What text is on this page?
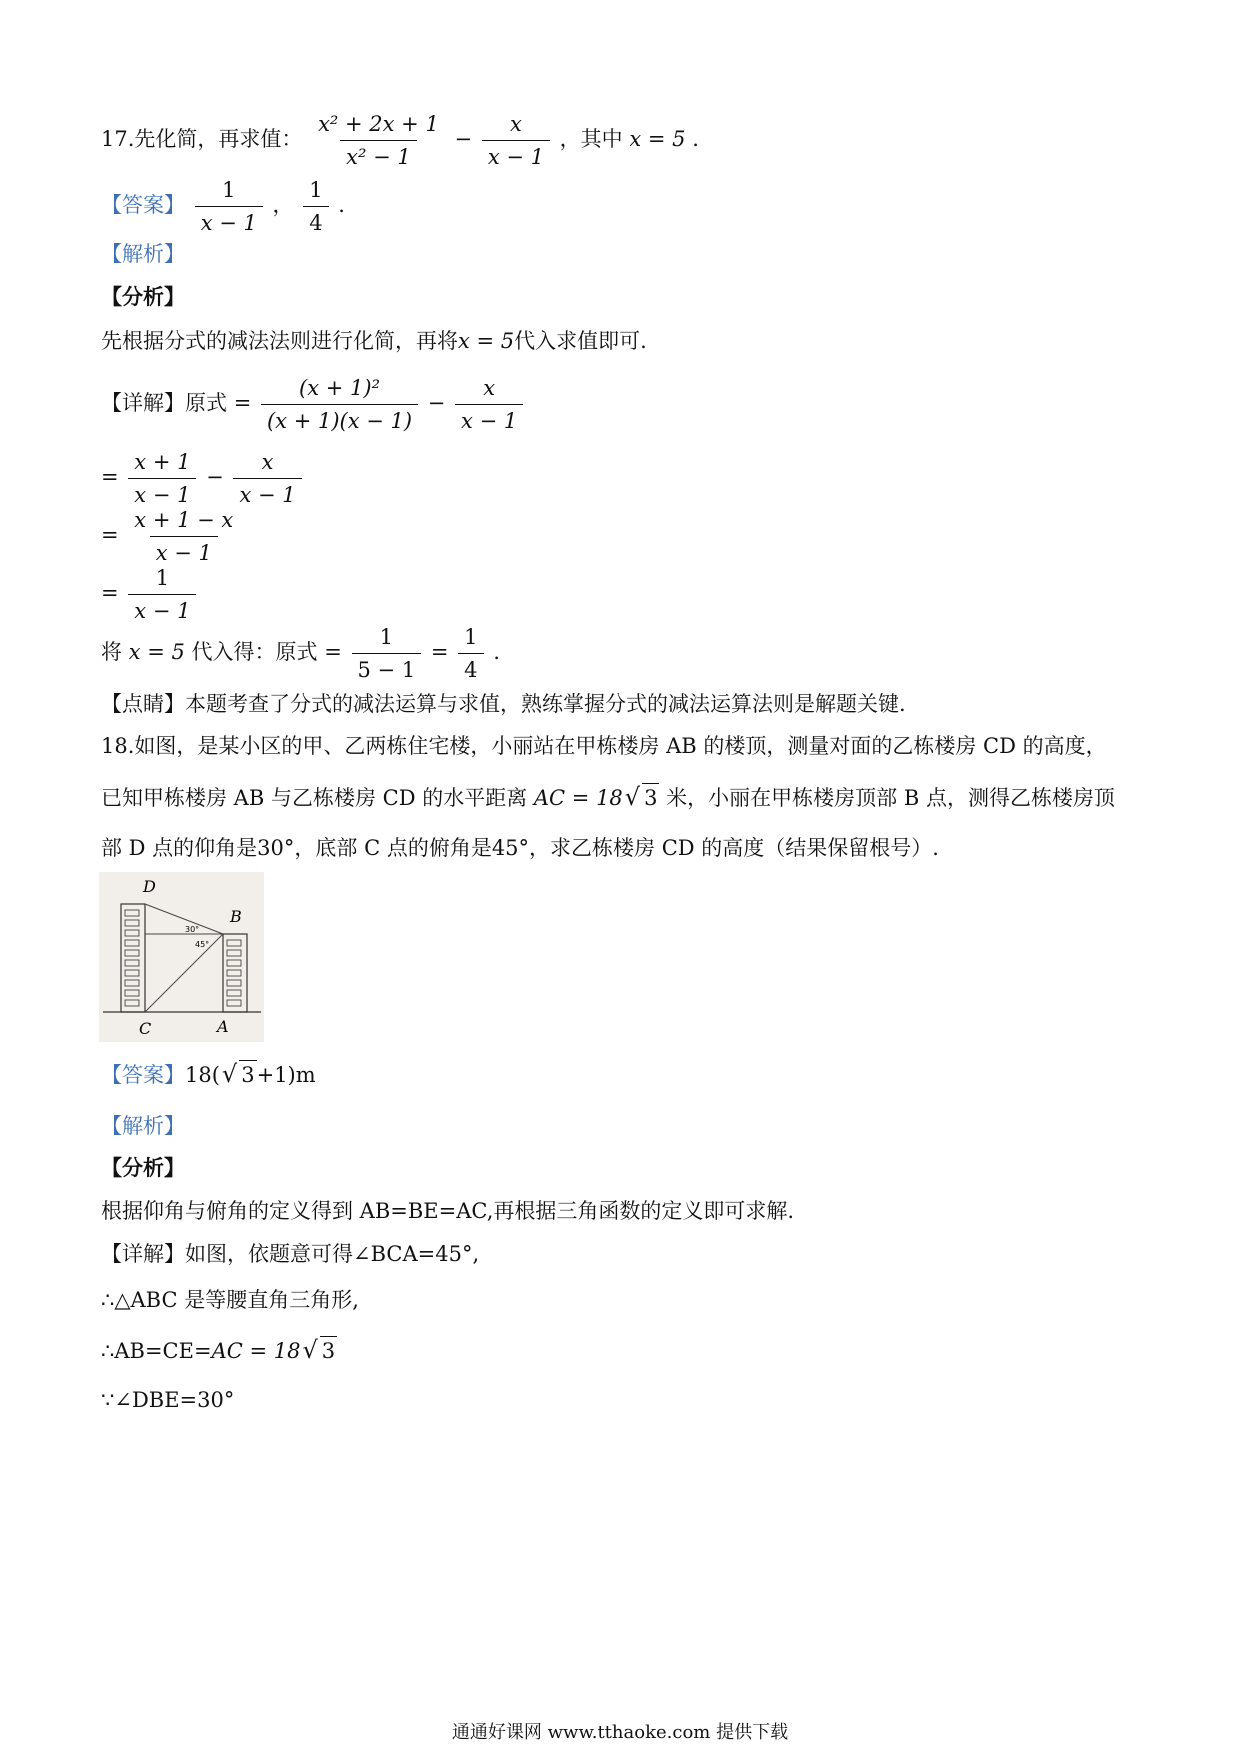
17.先化简，再求值： $\frac{\text{x² + 2x + 1}}{\text{x² − 1}} - \frac{x}{x - 1}$ ，其中 x = 5 .
【答案】 $\frac{1}{x - 1}$ ， $\frac{1}{4}$ .
【解析】
【分析】
先根据分式的减法法则进行化简，再将x = 5代入求值即可.
【详解】原式 = $\frac{\text{(x + 1)²}}{(x + 1)(x - 1)} - \frac{x}{x - 1}$
= $\frac{x + 1}{x - 1} - \frac{x}{x - 1}$
= $\frac{x + 1 - x}{x - 1}$
= $\frac{1}{x - 1}$
将 x = 5 代入得：原式 = $\frac{1}{5 - 1} = \frac{1}{4}$ .
【点睛】本题考查了分式的减法运算与求值，熟练掌握分式的减法运算法则是解题关键.
18.如图，是某小区的甲、乙两栋住宅楼，小丽站在甲栋楼房 AB 的楼顶，测量对面的乙栋楼房 CD 的高度，
已知甲栋楼房 AB 与乙栋楼房 CD 的水平距离 AC = 18√ 3 米，小丽在甲栋楼房顶部 B 点，测得乙栋楼房顶
部 D 点的仰角是30°，底部 C 点的俯角是45°，求乙栋楼房 CD 的高度（结果保留根号）.
D
B
C	A
30°
45°
【答案】18(√ 3+1)m
【解析】
【分析】
根据仰角与俯角的定义得到 AB=BE=AC,再根据三角函数的定义即可求解.
【详解】如图，依题意可得∠BCA=45°,
∴△ABC 是等腰直角三角形,
∴AB=CE=AC = 18√ 3
∵∠DBE=30°
通通好课网 www.tthaoke.com 提供下载
